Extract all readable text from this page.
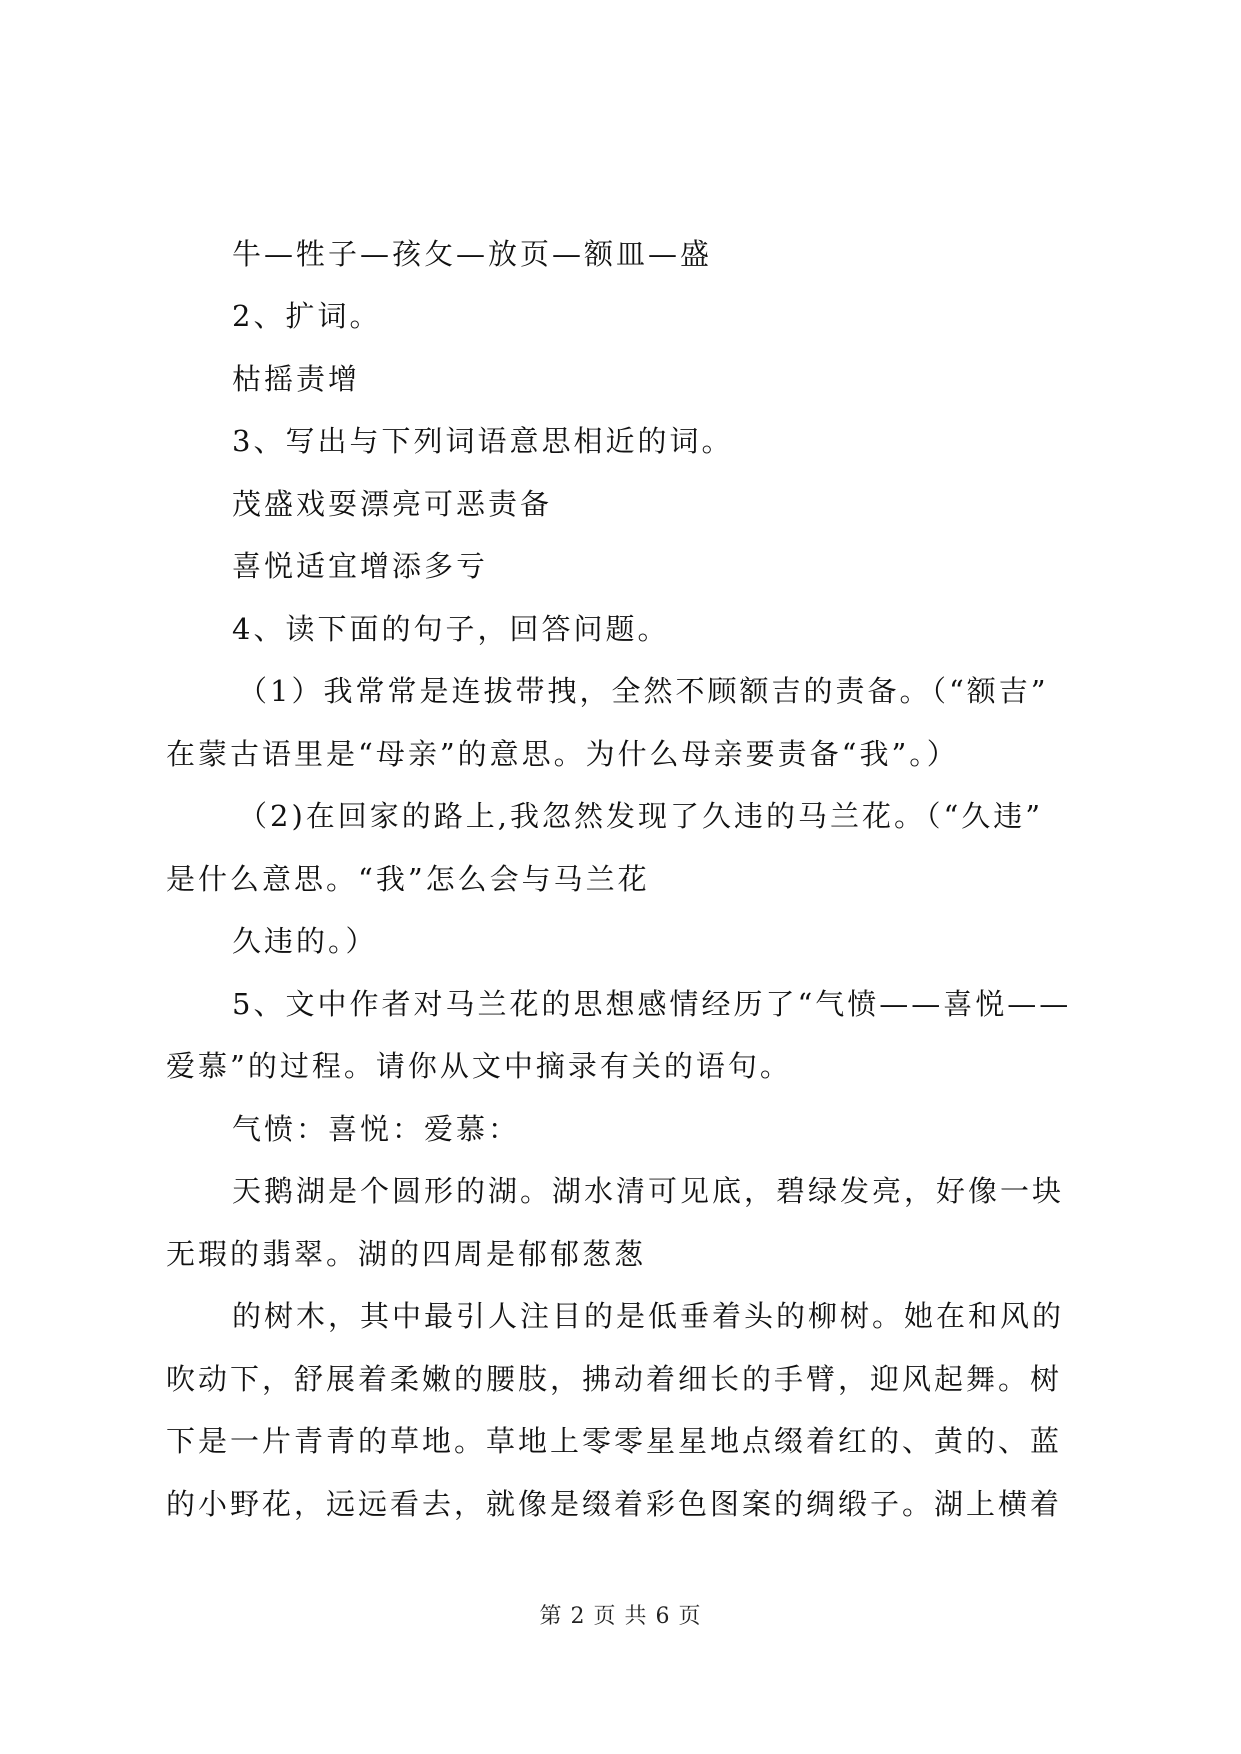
牛—牲子—孩攵—放页—额皿—盛
2、扩词。
枯摇责增
3、写出与下列词语意思相近的词。
茂盛戏耍漂亮可恶责备
喜悦适宜增添多亏
4、读下面的句子，回答问题。
（1）我常常是连拔带拽，全然不顾额吉的责备。（“额吉”
在蒙古语里是“母亲”的意思。为什么母亲要责备“我”。）
（2)在回家的路上,我忽然发现了久违的马兰花。（“久违”
是什么意思。“我”怎么会与马兰花
久违的。）
5、文中作者对马兰花的思想感情经历了“气愤——喜悦——
爱慕”的过程。请你从文中摘录有关的语句。
气愤：喜悦：爱慕：
天鹅湖是个圆形的湖。湖水清可见底，碧绿发亮，好像一块
无瑕的翡翠。湖的四周是郁郁葱葱
的树木，其中最引人注目的是低垂着头的柳树。她在和风的
吹动下，舒展着柔嫩的腰肢，拂动着细长的手臂，迎风起舞。树
下是一片青青的草地。草地上零零星星地点缀着红的、黄的、蓝
的小野花，远远看去，就像是缀着彩色图案的绸缎子。湖上横着
第 2 页 共 6 页
